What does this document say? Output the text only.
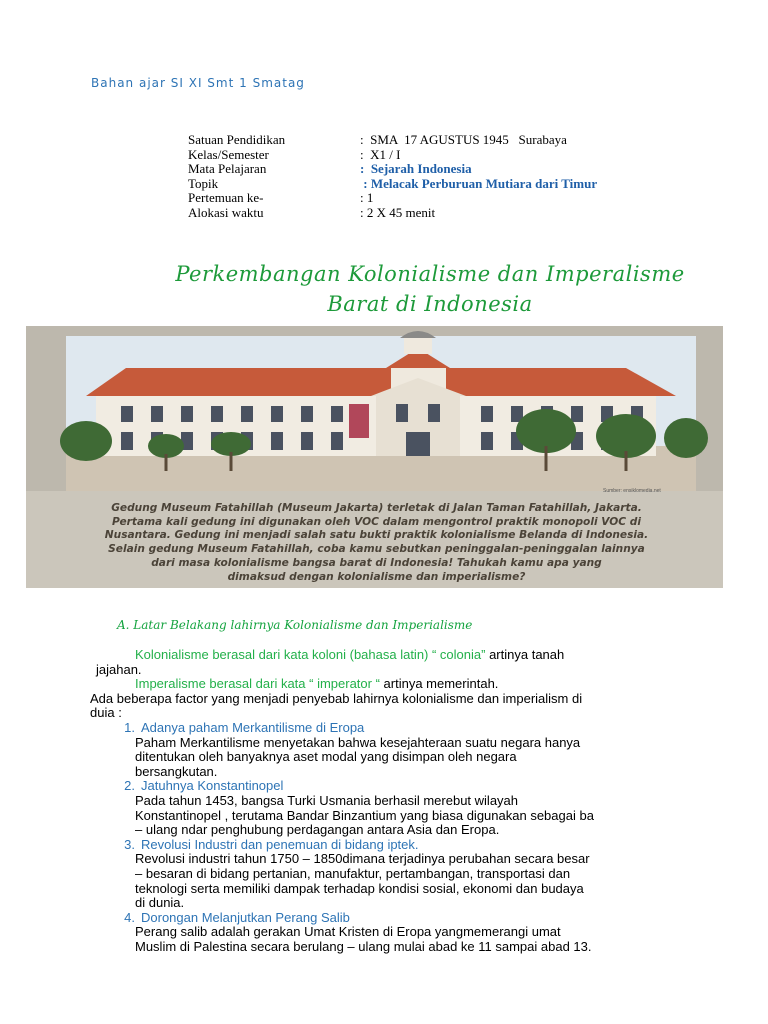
Bahan ajar SI XI Smt 1 Smatag
Satuan Pendidikan	:  SMA  17 AGUSTUS 1945   Surabaya
Kelas/Semester	:  X1 / I
Mata Pelajaran	:  Sejarah Indonesia
Topik	: Melacak Perburuan Mutiara dari Timur
Pertemuan ke-	: 1
Alokasi waktu	: 2 X 45 menit
Perkembangan Kolonialisme dan Imperalisme
Barat di Indonesia
Sumber: ensiklomedia.net
Gedung Museum Fatahillah (Museum Jakarta) terletak di Jalan Taman Fatahillah, Jakarta.
Pertama kali gedung ini digunakan oleh VOC dalam mengontrol praktik monopoli VOC di
Nusantara. Gedung ini menjadi salah satu bukti praktik kolonialisme Belanda di Indonesia.
Selain gedung Museum Fatahillah, coba kamu sebutkan peninggalan-peninggalan lainnya
dari masa kolonialisme bangsa barat di Indonesia! Tahukah kamu apa yang
dimaksud dengan kolonialisme dan imperialisme?
A. Latar Belakang lahirnya Kolonialisme dan Imperialisme

Kolonialisme berasal dari kata koloni (bahasa latin) “ colonia” artinya tanah

jajahan.

Imperalisme berasal dari kata “ imperator “ artinya memerintah.

Ada beberapa factor yang menjadi penyebab lahirnya kolonialisme dan imperialism di

duia :

1. Adanya paham Merkantilisme di Eropa
Paham Merkantilisme menyetakan bahwa kesejahteraan suatu negara hanya
ditentukan oleh banyaknya aset modal yang disimpan oleh negara
bersangkutan.
2. Jatuhnya Konstantinopel
Pada tahun 1453, bangsa Turki Usmania berhasil merebut wilayah
Konstantinopel , terutama Bandar Binzantium yang biasa digunakan sebagai ba
– ulang ndar penghubung perdagangan antara Asia dan Eropa.
3. Revolusi Industri dan penemuan di bidang iptek.
Revolusi industri tahun 1750 – 1850dimana terjadinya perubahan secara besar
– besaran di bidang pertanian, manufaktur, pertambangan, transportasi dan
teknologi serta memiliki dampak terhadap kondisi sosial, ekonomi dan budaya
di dunia.
4. Dorongan Melanjutkan Perang Salib
Perang salib adalah gerakan Umat Kristen di Eropa yangmemerangi umat
Muslim di Palestina secara berulang – ulang mulai abad ke 11 sampai abad 13.
